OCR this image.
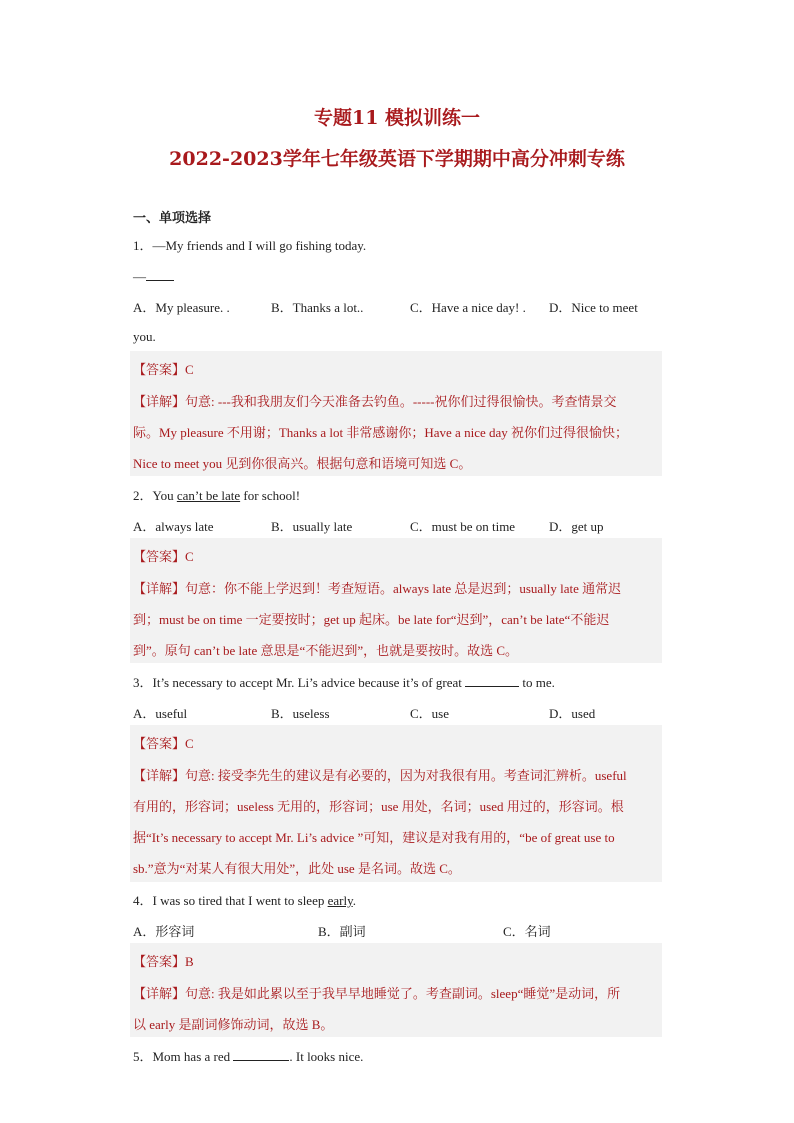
专题11 模拟训练一
2022-2023学年七年级英语下学期期中高分冲刺专练
一、单项选择
1．—My friends and I will go fishing today.
—
A．My pleasure. .	B．Thanks a lot..	C．Have a nice day! . D．Nice to meet
you.
【答案】C
【详解】句意: ---我和我朋友们今天准备去钓鱼。-----祝你们过得很愉快。考查情景交
际。My pleasure 不用谢；Thanks a lot 非常感谢你；Have a nice day 祝你们过得很愉快；
Nice to meet you 见到你很高兴。根据句意和语境可知选 C。
2．You can’t be late for school!
A．always late	B．usually late	C．must be on time	D．get up
【答案】C
【详解】句意：你不能上学迟到！考查短语。always late 总是迟到；usually late 通常迟
到；must be on time 一定要按时；get up 起床。be late for“迟到”，can’t be late“不能迟
到”。原句 can’t be late 意思是“不能迟到”，也就是要按时。故选 C。
3．It’s necessary to accept Mr. Li’s advice because it’s of great	to me.
A．useful	B．useless	C．use	D．used
【答案】C
【详解】句意: 接受李先生的建议是有必要的，因为对我很有用。考查词汇辨析。useful
有用的，形容词；useless 无用的，形容词；use 用处，名词；used 用过的，形容词。根
据“It’s necessary to accept Mr. Li’s advice ”可知，建议是对我有用的，“be of great use to
sb.”意为“对某人有很大用处”，此处 use 是名词。故选 C。
4．I was so tired that I went to sleep early.
A．形容词	B．副词	C．名词
【答案】B
【详解】句意: 我是如此累以至于我早早地睡觉了。考查副词。sleep“睡觉”是动词，所
以 early 是副词修饰动词，故选 B。
5．Mom has a red	. It looks nice.
